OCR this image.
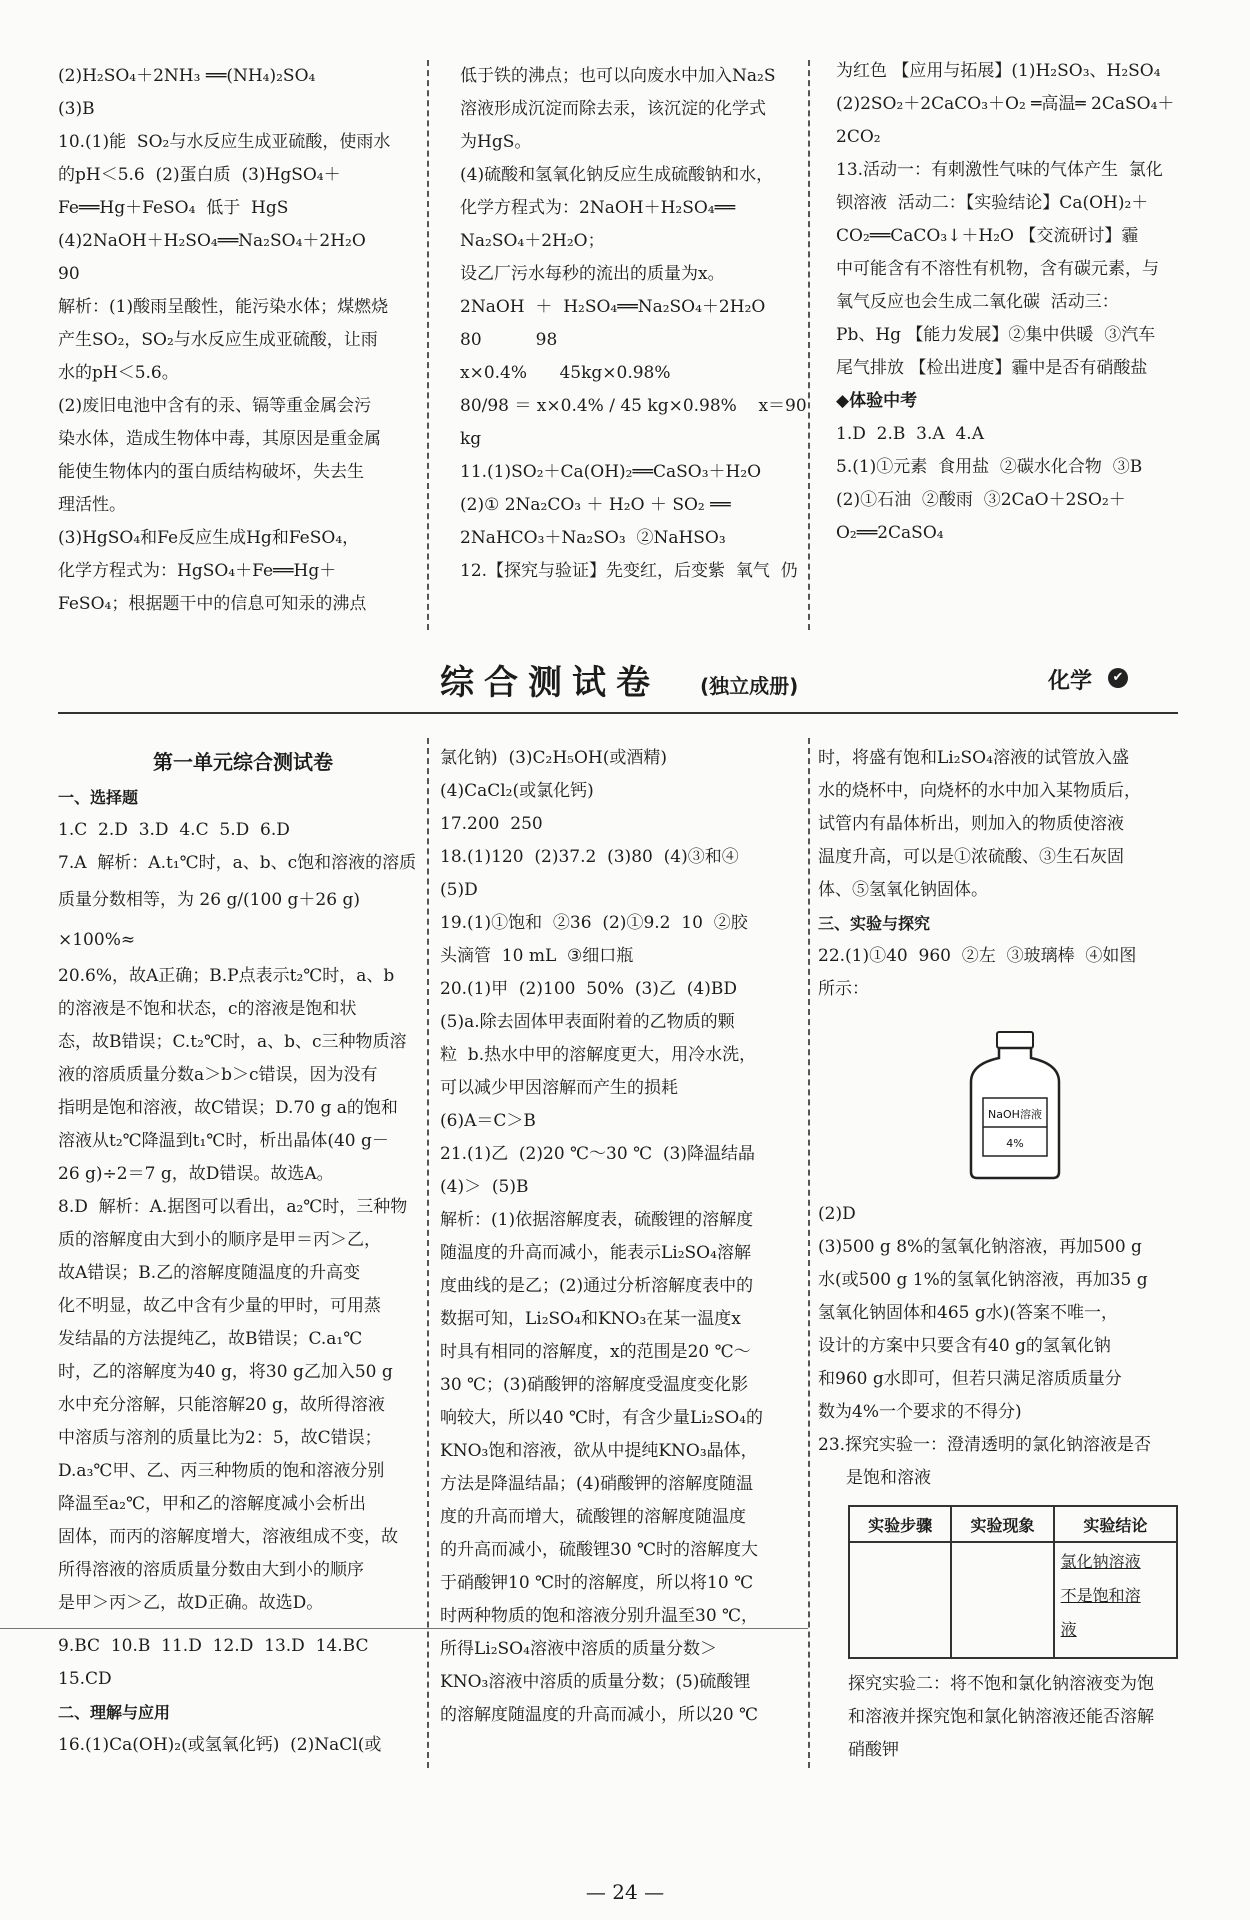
(2)H₂SO₄＋2NH₃ ══(NH₄)₂SO₄

(3)B

10.(1)能  SO₂与水反应生成亚硫酸，使雨水

的pH＜5.6  (2)蛋白质  (3)HgSO₄＋

Fe══Hg＋FeSO₄  低于  HgS

(4)2NaOH＋H₂SO₄══Na₂SO₄＋2H₂O

90

解析：(1)酸雨呈酸性，能污染水体；煤燃烧

产生SO₂，SO₂与水反应生成亚硫酸，让雨

水的pH＜5.6。

(2)废旧电池中含有的汞、镉等重金属会污

染水体，造成生物体中毒，其原因是重金属

能使生物体内的蛋白质结构破坏，失去生

理活性。

(3)HgSO₄和Fe反应生成Hg和FeSO₄，

化学方程式为：HgSO₄＋Fe══Hg＋

FeSO₄；根据题干中的信息可知汞的沸点

低于铁的沸点；也可以向废水中加入Na₂S

溶液形成沉淀而除去汞，该沉淀的化学式

为HgS。

(4)硫酸和氢氧化钠反应生成硫酸钠和水，

化学方程式为：2NaOH＋H₂SO₄══

Na₂SO₄＋2H₂O；

设乙厂污水每秒的流出的质量为x。

2NaOH  ＋  H₂SO₄══Na₂SO₄＋2H₂O

80          98

x×0.4%      45kg×0.98%

80/98 ＝ x×0.4% / 45 kg×0.98%    x＝90 kg

11.(1)SO₂＋Ca(OH)₂══CaSO₃＋H₂O

(2)① 2Na₂CO₃ ＋ H₂O ＋ SO₂ ══

2NaHCO₃＋Na₂SO₃  ②NaHSO₃

12.【探究与验证】先变红，后变紫  氧气  仍

为红色 【应用与拓展】(1)H₂SO₃、H₂SO₄

(2)2SO₂＋2CaCO₃＋O₂ ═高温═ 2CaSO₄＋

2CO₂

13.活动一：有刺激性气味的气体产生  氯化

钡溶液  活动二：【实验结论】Ca(OH)₂＋

CO₂══CaCO₃↓＋H₂O 【交流研讨】霾

中可能含有不溶性有机物，含有碳元素，与

氧气反应也会生成二氧化碳  活动三：

Pb、Hg 【能力发展】②集中供暖  ③汽车

尾气排放 【检出进度】霾中是否有硝酸盐

◆体验中考

1.D  2.B  3.A  4.A

5.(1)①元素  食用盐  ②碳水化合物  ③B

(2)①石油  ②酸雨  ③2CaO＋2SO₂＋

O₂══2CaSO₄

综合测试卷 (独立成册)	化学	✔
第一单元综合测试卷

一、选择题

1.C  2.D  3.D  4.C  5.D  6.D

7.A  解析：A.t₁℃时，a、b、c饱和溶液的溶质

质量分数相等，为 26 g/(100 g＋26 g) ×100%≈

20.6%，故A正确；B.P点表示t₂℃时，a、b

的溶液是不饱和状态，c的溶液是饱和状

态，故B错误；C.t₂℃时，a、b、c三种物质溶

液的溶质质量分数a＞b＞c错误，因为没有

指明是饱和溶液，故C错误；D.70 g a的饱和

溶液从t₂℃降温到t₁℃时，析出晶体(40 g－

26 g)÷2＝7 g，故D错误。故选A。

8.D  解析：A.据图可以看出，a₂℃时，三种物

质的溶解度由大到小的顺序是甲＝丙＞乙，

故A错误；B.乙的溶解度随温度的升高变

化不明显，故乙中含有少量的甲时，可用蒸

发结晶的方法提纯乙，故B错误；C.a₁℃

时，乙的溶解度为40 g，将30 g乙加入50 g

水中充分溶解，只能溶解20 g，故所得溶液

中溶质与溶剂的质量比为2：5，故C错误；

D.a₃℃甲、乙、丙三种物质的饱和溶液分别

降温至a₂℃，甲和乙的溶解度减小会析出

固体，而丙的溶解度增大，溶液组成不变，故

所得溶液的溶质质量分数由大到小的顺序

是甲＞丙＞乙，故D正确。故选D。

9.BC  10.B  11.D  12.D  13.D  14.BC

15.CD

二、理解与应用

16.(1)Ca(OH)₂(或氢氧化钙)  (2)NaCl(或

氯化钠)  (3)C₂H₅OH(或酒精)

(4)CaCl₂(或氯化钙)

17.200  250

18.(1)120  (2)37.2  (3)80  (4)③和④

(5)D

19.(1)①饱和  ②36  (2)①9.2  10  ②胶

头滴管  10 mL  ③细口瓶

20.(1)甲  (2)100  50%  (3)乙  (4)BD

(5)a.除去固体甲表面附着的乙物质的颗

粒  b.热水中甲的溶解度更大，用冷水洗，

可以减少甲因溶解而产生的损耗

(6)A＝C＞B

21.(1)乙  (2)20 ℃～30 ℃  (3)降温结晶

(4)＞  (5)B

解析：(1)依据溶解度表，硫酸锂的溶解度

随温度的升高而减小，能表示Li₂SO₄溶解

度曲线的是乙；(2)通过分析溶解度表中的

数据可知，Li₂SO₄和KNO₃在某一温度x

时具有相同的溶解度，x的范围是20 ℃～

30 ℃；(3)硝酸钾的溶解度受温度变化影

响较大，所以40 ℃时，有含少量Li₂SO₄的

KNO₃饱和溶液，欲从中提纯KNO₃晶体，

方法是降温结晶；(4)硝酸钾的溶解度随温

度的升高而增大，硫酸锂的溶解度随温度

的升高而减小，硫酸锂30 ℃时的溶解度大

于硝酸钾10 ℃时的溶解度，所以将10 ℃

时两种物质的饱和溶液分别升温至30 ℃，

所得Li₂SO₄溶液中溶质的质量分数＞

KNO₃溶液中溶质的质量分数；(5)硫酸锂

的溶解度随温度的升高而减小，所以20 ℃

时，将盛有饱和Li₂SO₄溶液的试管放入盛

水的烧杯中，向烧杯的水中加入某物质后，

试管内有晶体析出，则加入的物质使溶液

温度升高，可以是①浓硫酸、③生石灰固

体、⑤氢氧化钠固体。

三、实验与探究

22.(1)①40  960  ②左  ③玻璃棒  ④如图

所示：

NaOH溶液
4%

(2)D

(3)500 g 8%的氢氧化钠溶液，再加500 g

水(或500 g 1%的氢氧化钠溶液，再加35 g

氢氧化钠固体和465 g水)(答案不唯一，

设计的方案中只要含有40 g的氢氧化钠

和960 g水即可，但若只满足溶质质量分

数为4%一个要求的不得分)

23.探究实验一：澄清透明的氯化钠溶液是否

是饱和溶液

实验步骤	实验现象	实验结论

		氯化钠溶液
不是饱和溶
液

探究实验二：将不饱和氯化钠溶液变为饱

和溶液并探究饱和氯化钠溶液还能否溶解

硝酸钾

— 24 —
